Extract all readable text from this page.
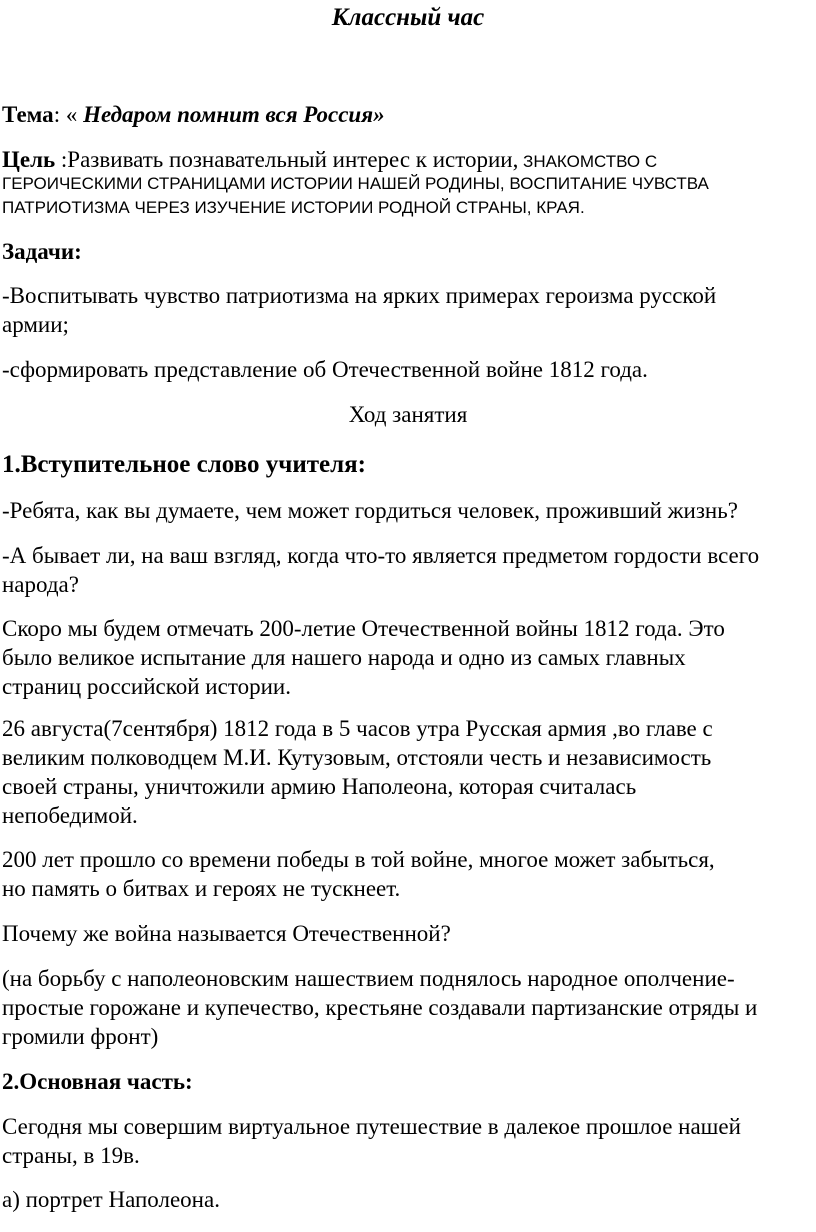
Классный час
Тема: « Недаром помнит вся Россия»
Цель :Развивать познавательный интерес к истории, ЗНАКОМСТВО С
ГЕРОИЧЕСКИМИ СТРАНИЦАМИ ИСТОРИИ НАШЕЙ РОДИНЫ, ВОСПИТАНИЕ ЧУВСТВА
ПАТРИОТИЗМА ЧЕРЕЗ ИЗУЧЕНИЕ ИСТОРИИ РОДНОЙ СТРАНЫ, КРАЯ.
Задачи:
-Воспитывать чувство патриотизма на ярких примерах героизма русской
армии;
-сформировать представление об Отечественной войне 1812 года.
Ход занятия
1.Вступительное слово учителя:
-Ребята, как вы думаете, чем может гордиться человек, проживший жизнь?
-А бывает ли, на ваш взгляд, когда что-то является предметом гордости всего
народа?
Скоро мы будем отмечать 200-летие Отечественной войны 1812 года. Это
было великое испытание для нашего народа и одно из самых главных
страниц российской истории.
26 августа(7сентября) 1812 года в 5 часов утра Русская армия ,во главе с
великим полководцем М.И. Кутузовым, отстояли честь и независимость
своей страны, уничтожили армию Наполеона, которая считалась
непобедимой.
200 лет прошло со времени победы в той войне, многое может забыться,
но память о битвах и героях не тускнеет.
Почему же война называется Отечественной?
(на борьбу с наполеоновским нашествием поднялось народное ополчение-
простые горожане и купечество, крестьяне создавали партизанские отряды и
громили фронт)
2.Основная часть:
Сегодня мы совершим виртуальное путешествие в далекое прошлое нашей
страны, в 19в.
а) портрет Наполеона.
